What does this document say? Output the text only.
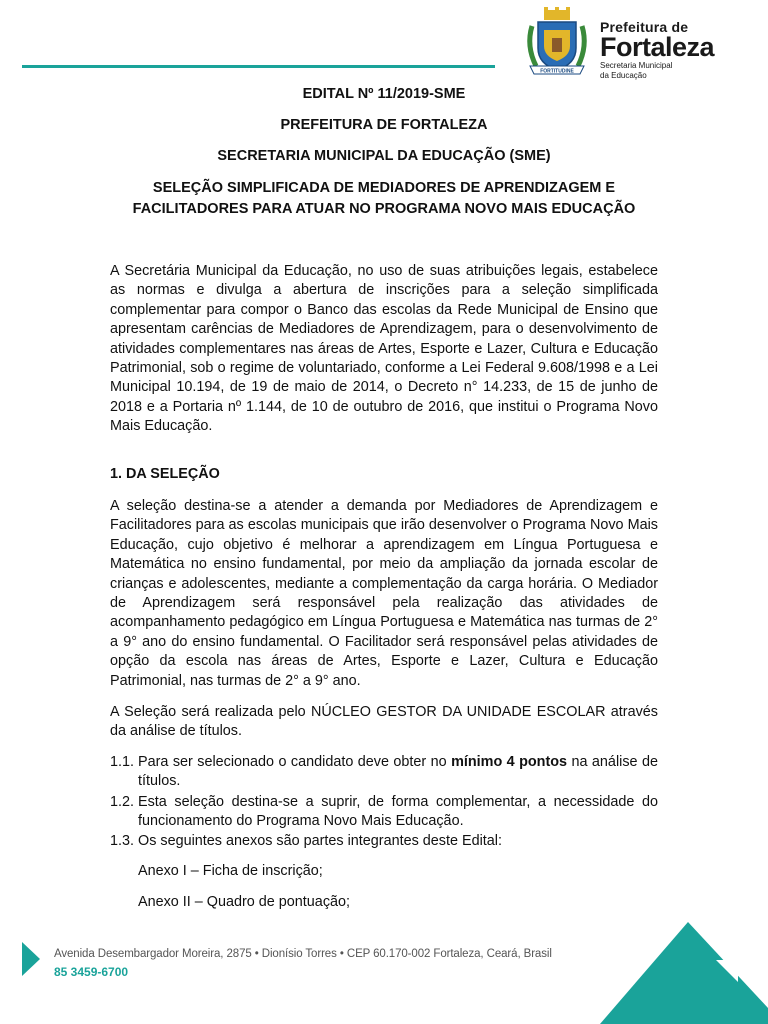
FORTITUDINE
Prefeitura de
Fortaleza
Secretaria Municipal
da Educação
EDITAL Nº 11/2019-SME
PREFEITURA DE FORTALEZA
SECRETARIA MUNICIPAL DA EDUCAÇÃO (SME)
SELEÇÃO SIMPLIFICADA DE MEDIADORES DE APRENDIZAGEM E
FACILITADORES PARA ATUAR NO PROGRAMA NOVO MAIS EDUCAÇÃO
A Secretária Municipal da Educação, no uso de suas atribuições legais, estabelece as normas e divulga a abertura de inscrições para a seleção simplificada complementar para compor o Banco das escolas da Rede Municipal de Ensino que apresentam carências de Mediadores de Aprendizagem, para o desenvolvimento de atividades complementares nas áreas de Artes, Esporte e Lazer, Cultura e Educação Patrimonial, sob o regime de voluntariado, conforme a Lei Federal 9.608/1998 e a Lei Municipal 10.194, de 19 de maio de 2014, o Decreto n° 14.233, de 15 de junho de 2018 e a Portaria nº 1.144, de 10 de outubro de 2016, que institui o Programa Novo Mais Educação.
1. DA SELEÇÃO
A seleção destina-se a atender a demanda por Mediadores de Aprendizagem e Facilitadores para as escolas municipais que irão desenvolver o Programa Novo Mais Educação, cujo objetivo é melhorar a aprendizagem em Língua Portuguesa e Matemática no ensino fundamental, por meio da ampliação da jornada escolar de crianças e adolescentes, mediante a complementação da carga horária. O Mediador de Aprendizagem será responsável pela realização das atividades de acompanhamento pedagógico em Língua Portuguesa e Matemática nas turmas de 2° a 9° ano do ensino fundamental. O Facilitador será responsável pelas atividades de opção da escola nas áreas de Artes, Esporte e Lazer, Cultura e Educação Patrimonial, nas turmas de 2° a 9° ano.
A Seleção será realizada pelo NÚCLEO GESTOR DA UNIDADE ESCOLAR através da análise de títulos.
1.1. Para ser selecionado o candidato deve obter no mínimo 4 pontos na análise de títulos.
1.2. Esta seleção destina-se a suprir, de forma complementar, a necessidade do funcionamento do Programa Novo Mais Educação.
1.3. Os seguintes anexos são partes integrantes deste Edital:
Anexo I – Ficha de inscrição;
Anexo II – Quadro de pontuação;
Avenida Desembargador Moreira, 2875 • Dionísio Torres • CEP 60.170-002 Fortaleza, Ceará, Brasil
85 3459-6700
